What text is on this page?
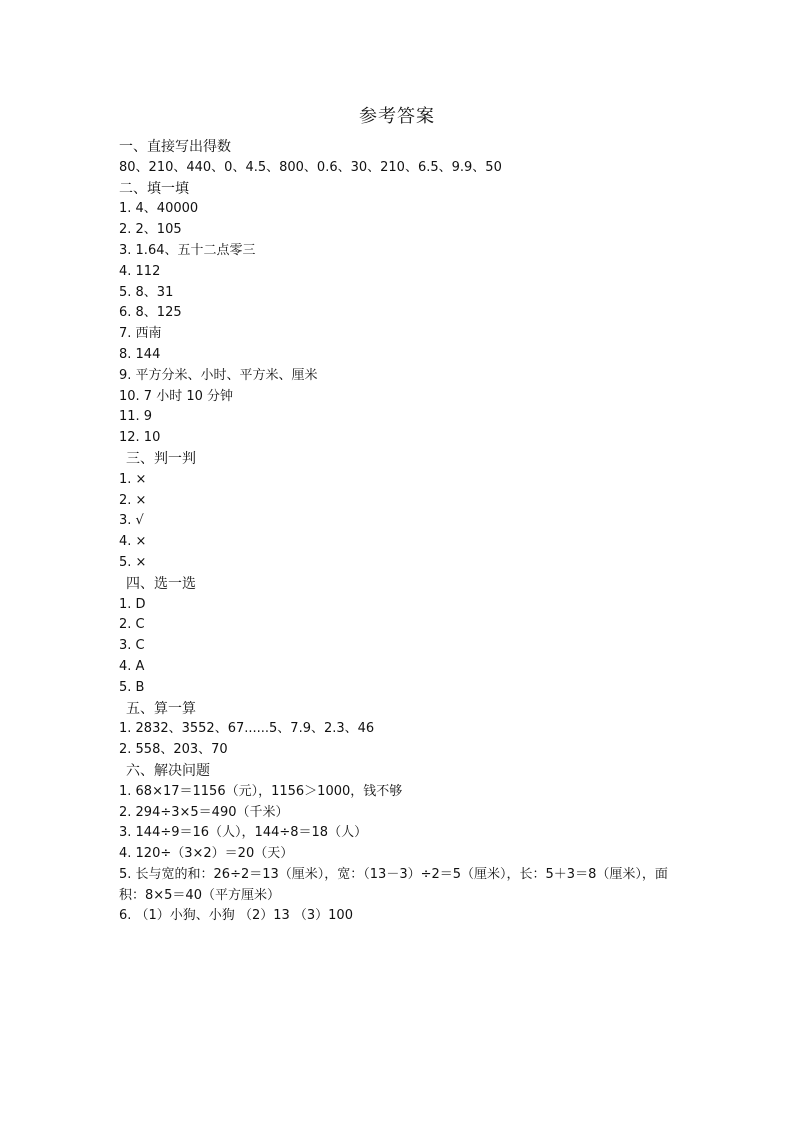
参考答案
一、直接写出得数
80、210、440、0、4.5、800、0.6、30、210、6.5、9.9、50
二、填一填
1. 4、40000
2. 2、105
3. 1.64、五十二点零三
4. 112
5. 8、31
6. 8、125
7. 西南
8. 144
9. 平方分米、小时、平方米、厘米
10. 7 小时 10 分钟
11. 9
12. 10
三、判一判
1. ×
2. ×
3. √
4. ×
5. ×
四、选一选
1. D
2. C
3. C
4. A
5. B
五、算一算
1. 2832、3552、67......5、7.9、2.3、46
2. 558、203、70
六、解决问题
1. 68×17＝1156（元），1156＞1000，钱不够
2. 294÷3×5＝490（千米）
3. 144÷9＝16（人），144÷8＝18（人）
4. 120÷（3×2）＝20（天）
5. 长与宽的和：26÷2＝13（厘米），宽：（13－3）÷2＝5（厘米），长：5＋3＝8（厘米），面
积：8×5＝40（平方厘米）
6. （1）小狗、小狗 （2）13 （3）100
